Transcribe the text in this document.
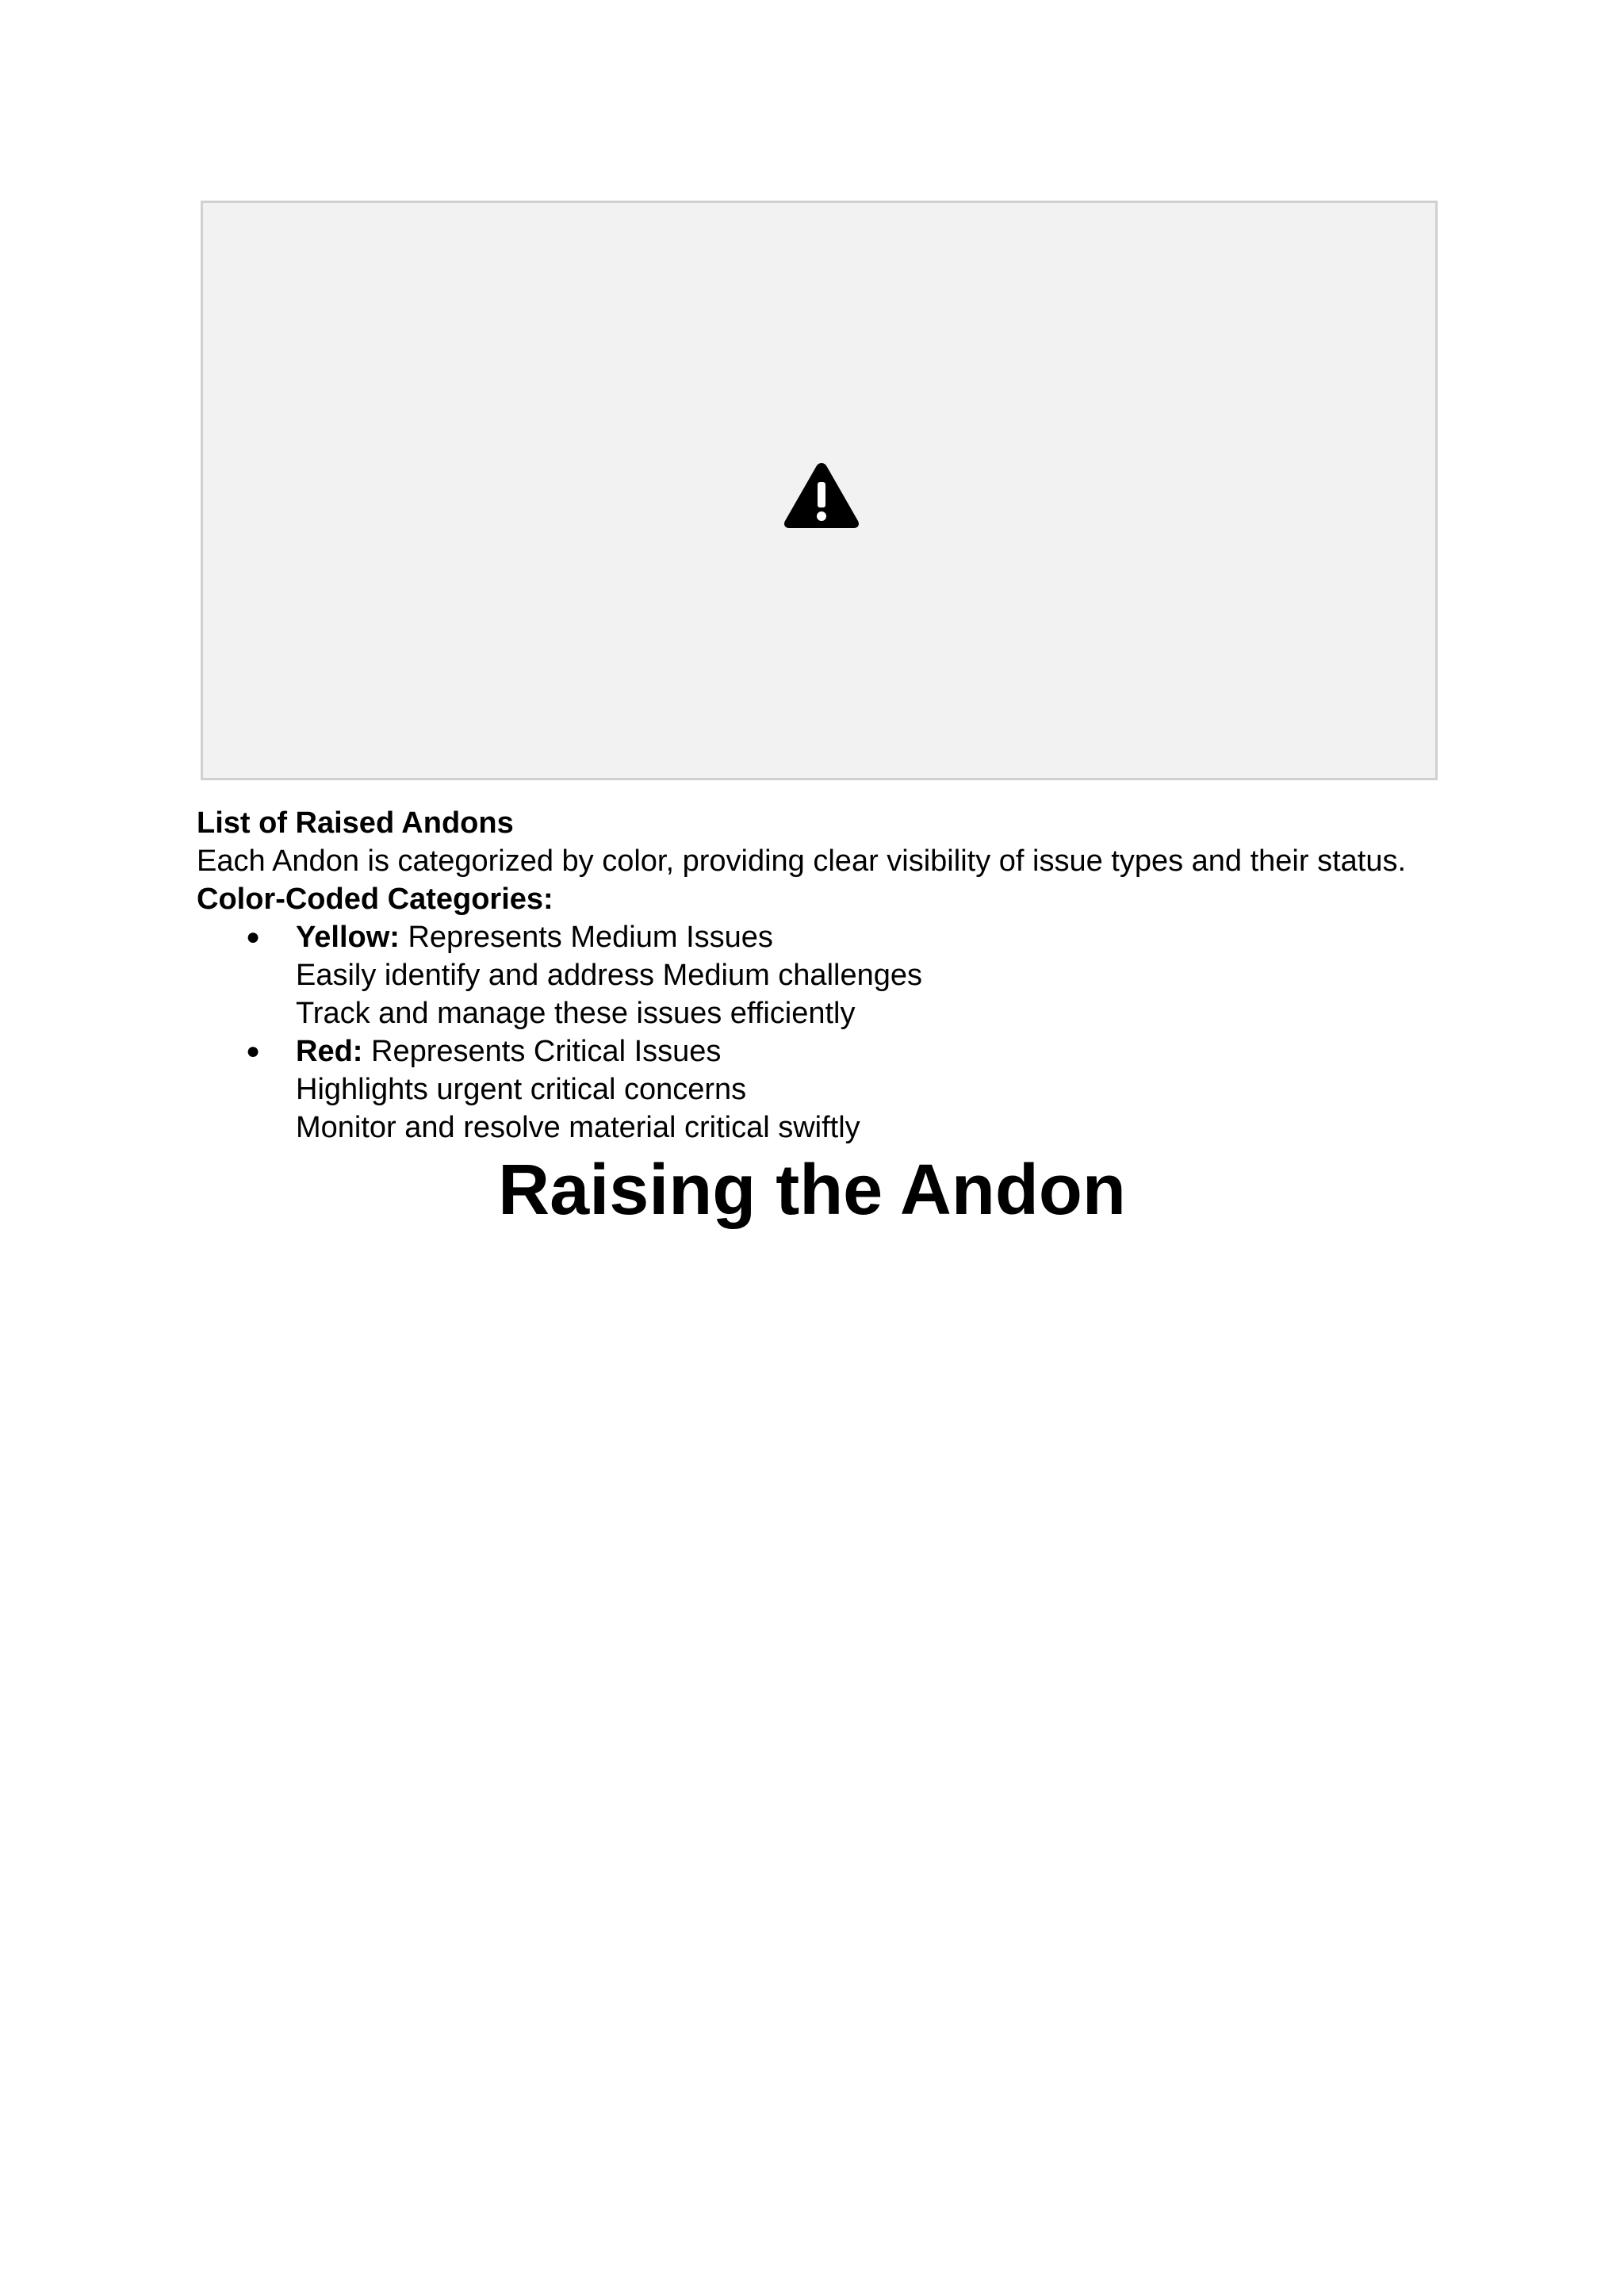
List of Raised Andons
Each Andon is categorized by color, providing clear visibility of issue types and their status.
Color-Coded Categories:
● Yellow: Represents Medium Issues
Easily identify and address Medium challenges
Track and manage these issues efficiently
● Red: Represents Critical Issues
Highlights urgent critical concerns
Monitor and resolve material critical swiftly
Raising the Andon
